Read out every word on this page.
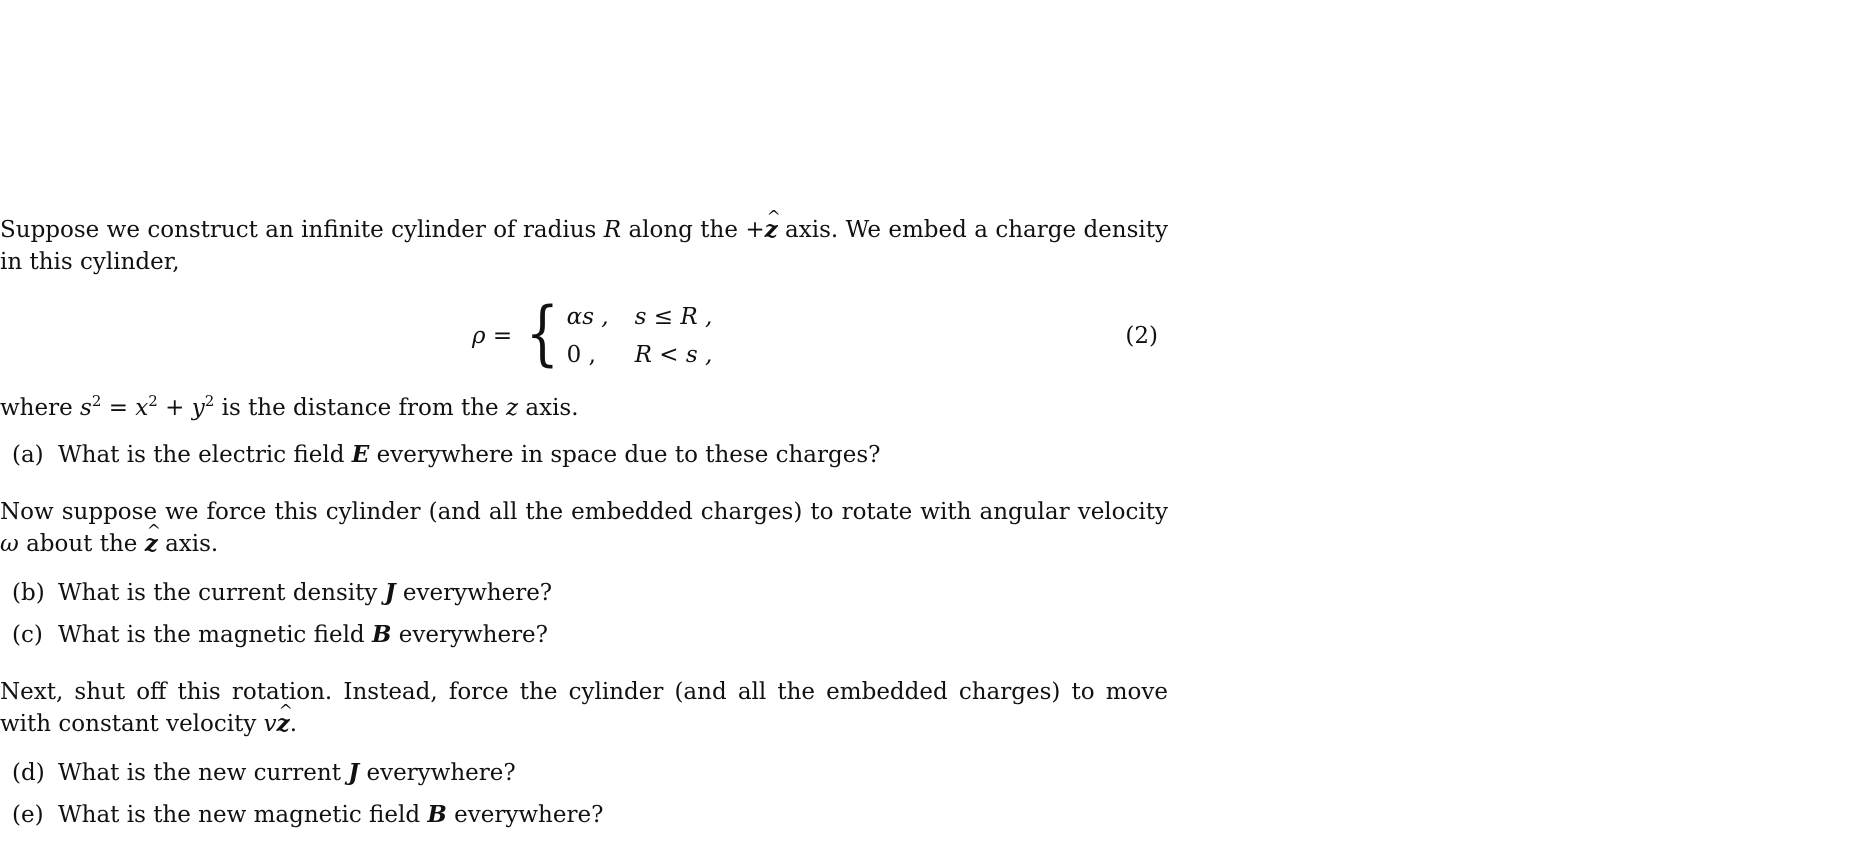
Suppose we construct an infinite cylinder of radius R along the +^ z axis. We embed a charge density in this cylinder,

ρ = { αs ,	s ≤ R ,
0 ,	R < s ,
(2)

where $s^2 = x^2 + y^2$ is the distance from the z axis.

(a) What is the electric field E everywhere in space due to these charges?

Now suppose we force this cylinder (and all the embedded charges) to rotate with angular velocity ω about the ^ z axis.

(b) What is the current density J everywhere?
(c) What is the magnetic field B everywhere?

Next, shut off this rotation. Instead, force the cylinder (and all the embedded charges) to move with constant velocity v^ z.

(d) What is the new current J everywhere?
(e) What is the new magnetic field B everywhere?
